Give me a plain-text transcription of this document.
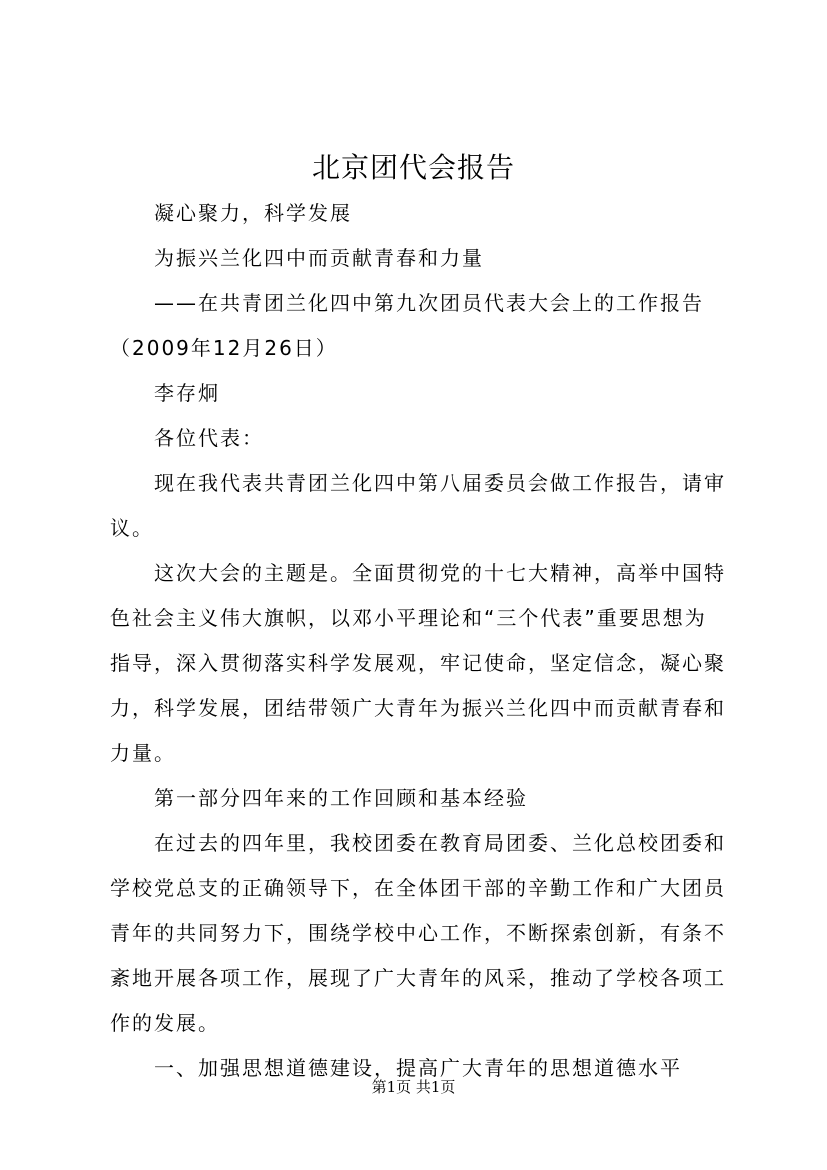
北京团代会报告
凝心聚力，科学发展
为振兴兰化四中而贡献青春和力量
——在共青团兰化四中第九次团员代表大会上的工作报告
（2009年12月26日）
李存炯
各位代表：
现在我代表共青团兰化四中第八届委员会做工作报告，请审
议。
这次大会的主题是。全面贯彻党的十七大精神，高举中国特
色社会主义伟大旗帜，以邓小平理论和“三个代表”重要思想为
指导，深入贯彻落实科学发展观，牢记使命，坚定信念，凝心聚
力，科学发展，团结带领广大青年为振兴兰化四中而贡献青春和
力量。
第一部分四年来的工作回顾和基本经验
在过去的四年里，我校团委在教育局团委、兰化总校团委和
学校党总支的正确领导下，在全体团干部的辛勤工作和广大团员
青年的共同努力下，围绕学校中心工作，不断探索创新，有条不
紊地开展各项工作，展现了广大青年的风采，推动了学校各项工
作的发展。
一、加强思想道德建设，提高广大青年的思想道德水平
第1页 共1页
